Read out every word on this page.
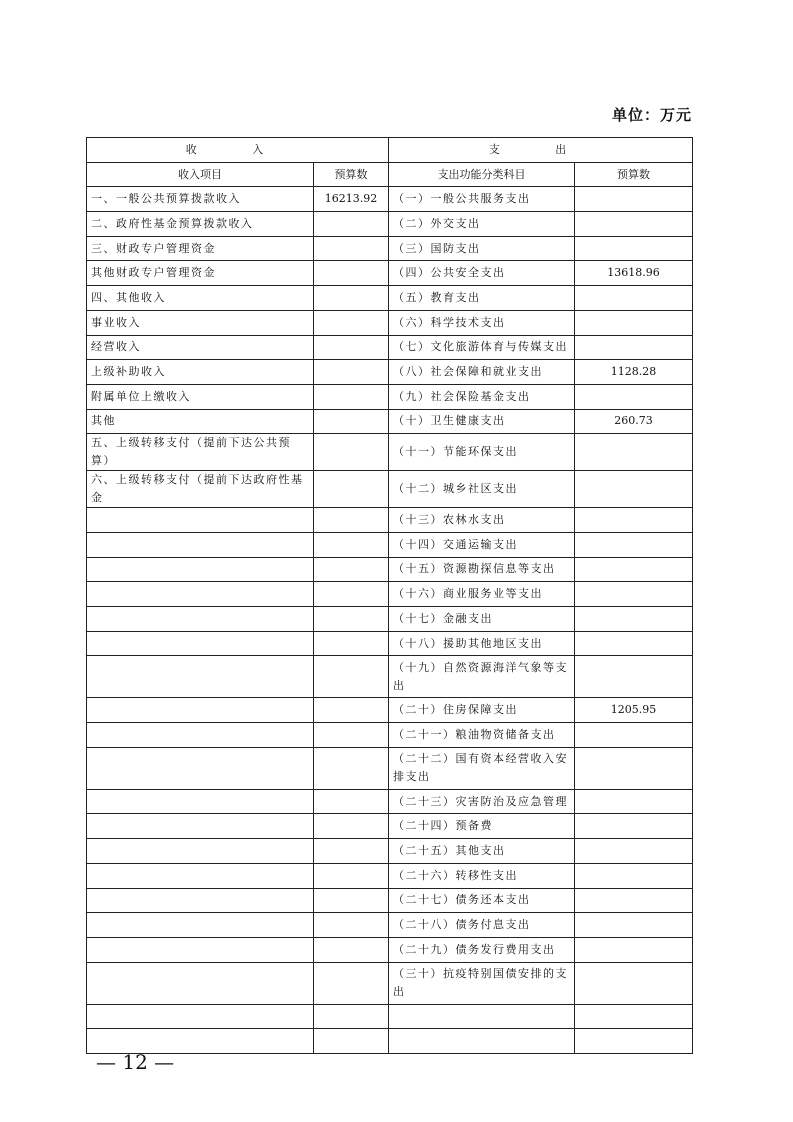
单位：万元
收 入		支 出	
收入项目	预算数	支出功能分类科目	预算数
一、一般公共预算拨款收入	16213.92	（一）一般公共服务支出	
二、政府性基金预算拨款收入		（二）外交支出	
三、财政专户管理资金		（三）国防支出	
其他财政专户管理资金		（四）公共安全支出	13618.96
四、其他收入		（五）教育支出	
事业收入		（六）科学技术支出	
经营收入		（七）文化旅游体育与传媒支出	
上级补助收入		（八）社会保障和就业支出	1128.28
附属单位上缴收入		（九）社会保险基金支出	
其他		（十）卫生健康支出	260.73
五、上级转移支付（提前下达公共预算）		（十一）节能环保支出	
六、上级转移支付（提前下达政府性基金		（十二）城乡社区支出	
		（十三）农林水支出	
		（十四）交通运输支出	
		（十五）资源勘探信息等支出	
		（十六）商业服务业等支出	
		（十七）金融支出	
		（十八）援助其他地区支出	
		（十九）自然资源海洋气象等支出	
		（二十）住房保障支出	1205.95
		（二十一）粮油物资储备支出	
		（二十二）国有资本经营收入安排支出	
		（二十三）灾害防治及应急管理	
		（二十四）预备费	
		（二十五）其他支出	
		（二十六）转移性支出	
		（二十七）债务还本支出	
		（二十八）债务付息支出	
		（二十九）债务发行费用支出	
		（三十）抗疫特别国债安排的支出	

— 12 —
